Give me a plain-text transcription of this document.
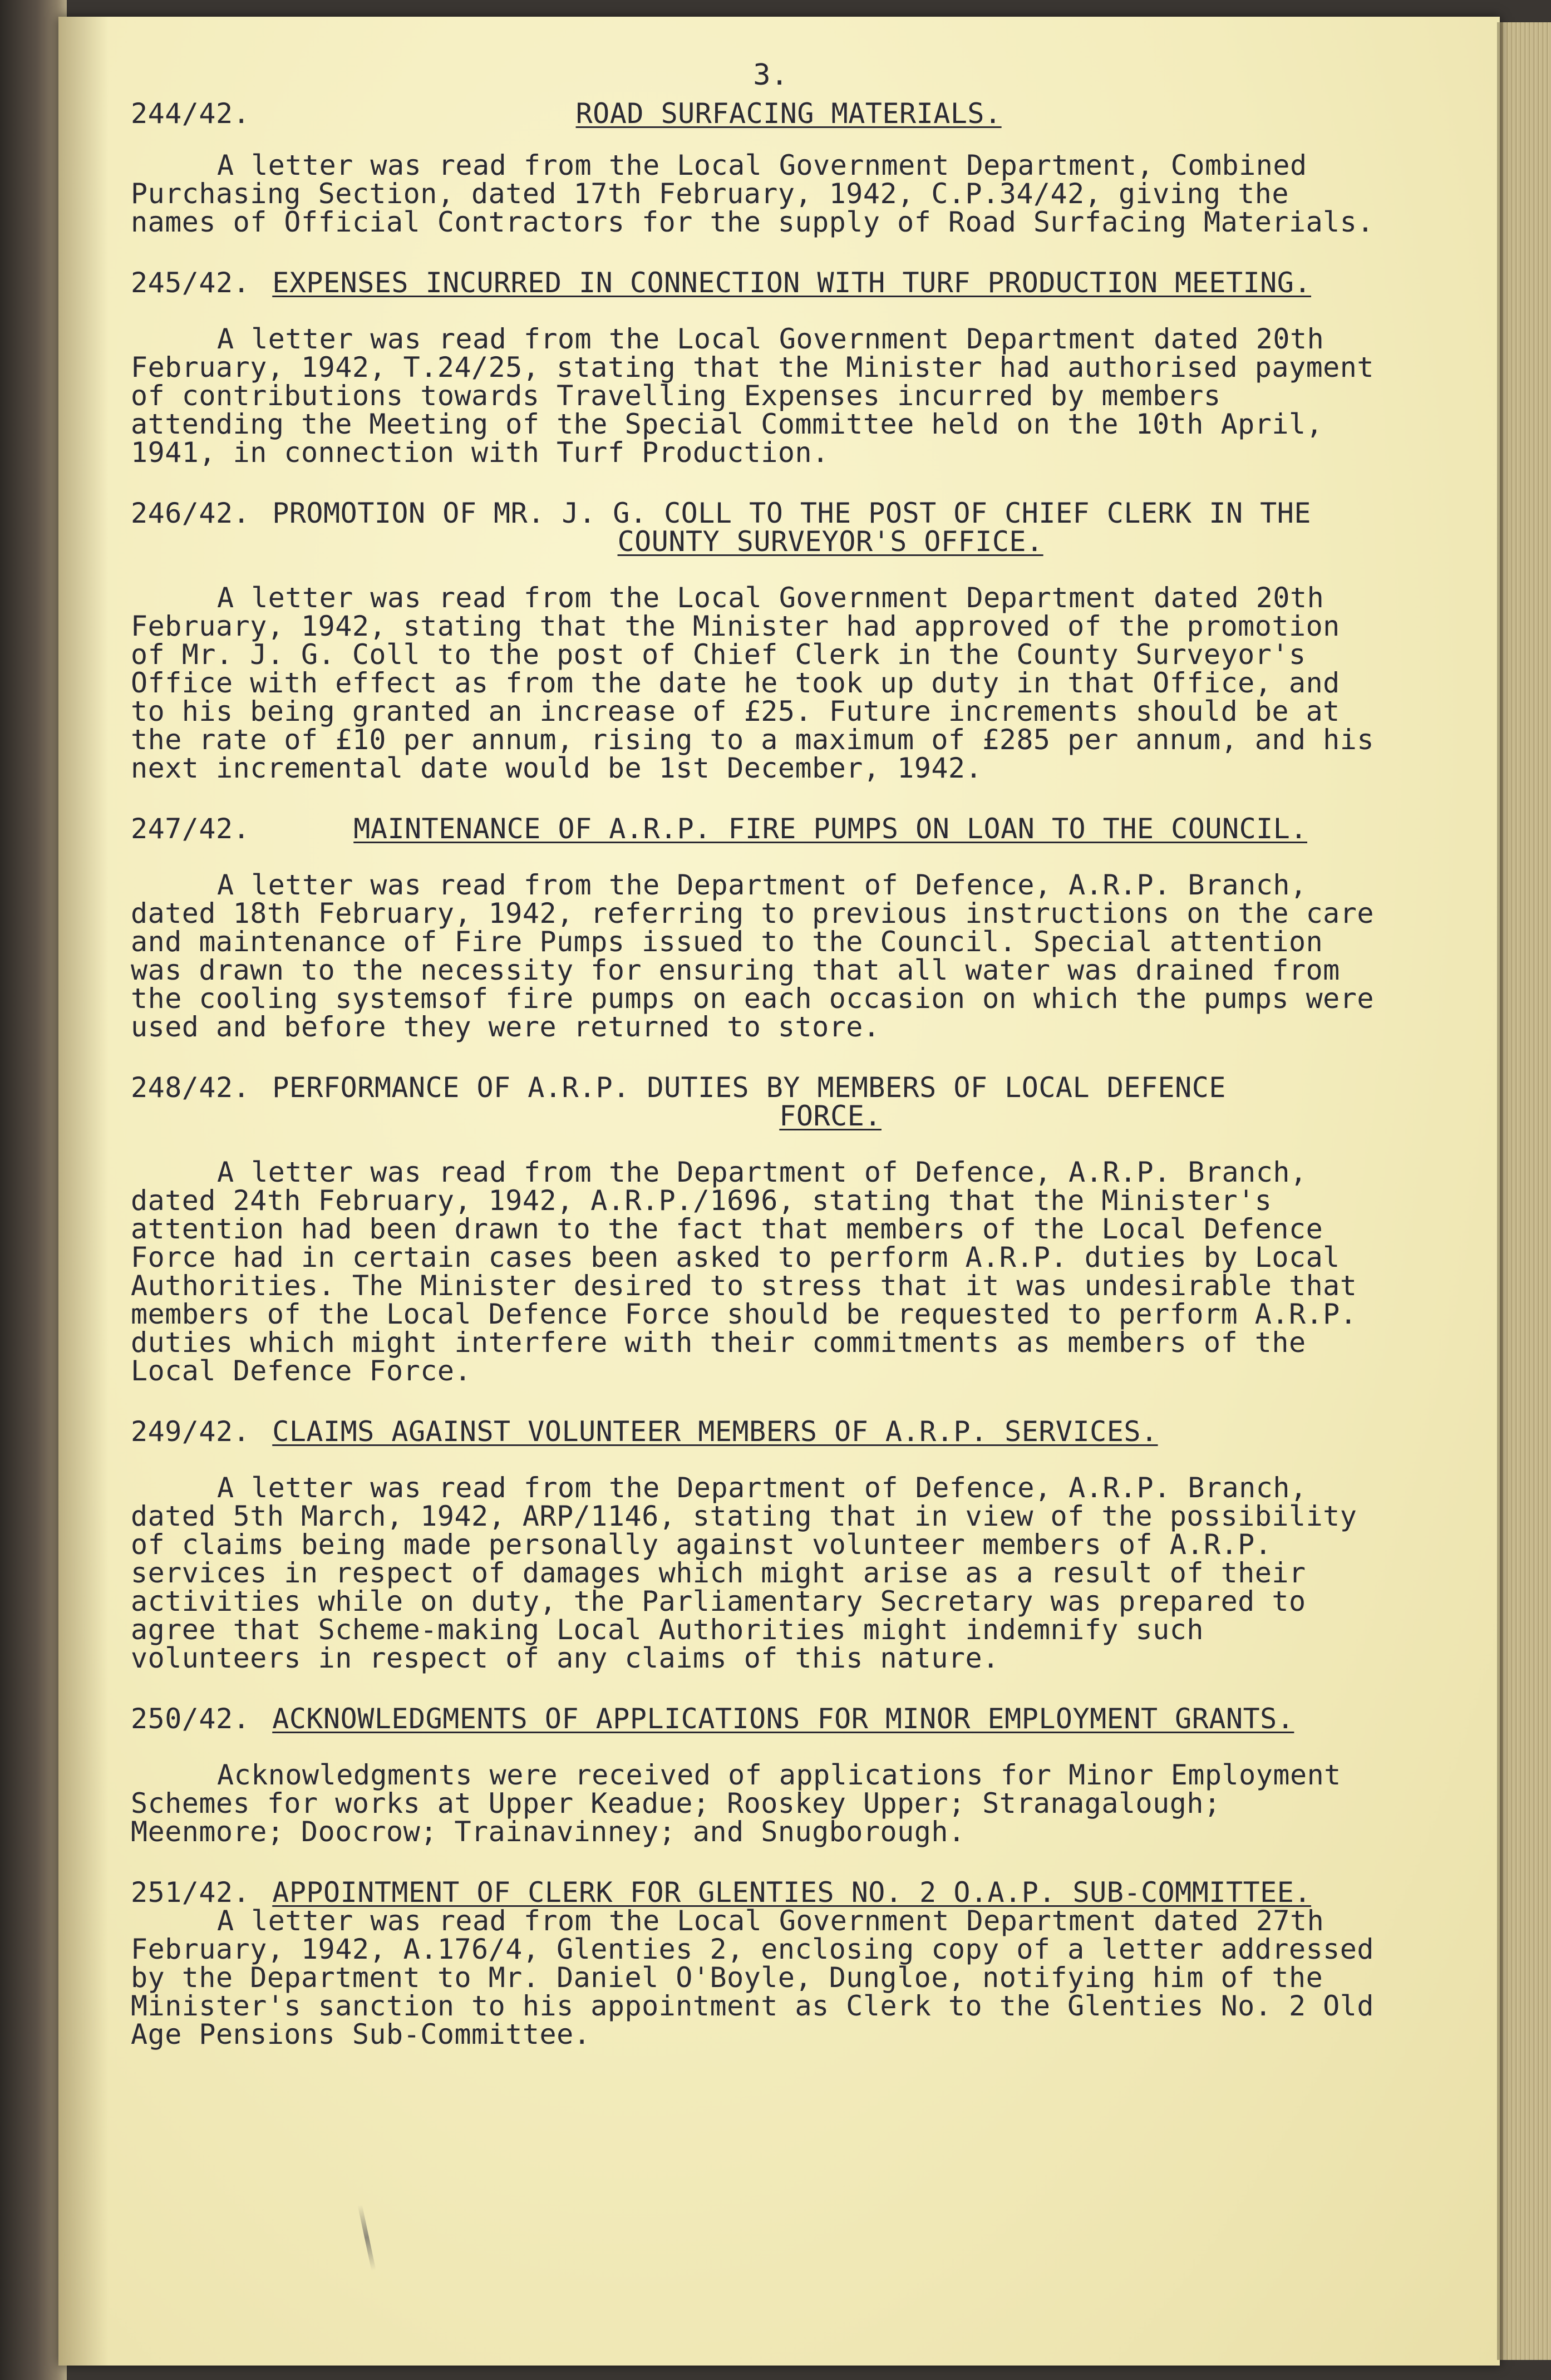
3.
244/42.	ROAD SURFACING MATERIALS.
A letter was read from the Local Government Department, Combined Purchasing Section, dated 17th February, 1942, C.P.34/42, giving the names of Official Contractors for the supply of Road Surfacing Materials.
245/42. EXPENSES INCURRED IN CONNECTION WITH TURF PRODUCTION MEETING.
A letter was read from the Local Government Department dated 20th February, 1942, T.24/25, stating that the Minister had authorised payment of contributions towards Travelling Expenses incurred by members attending the Meeting of the Special Committee held on the 10th April, 1941, in connection with Turf Production.
246/42. PROMOTION OF MR. J. G. COLL TO THE POST OF CHIEF CLERK IN THE
COUNTY SURVEYOR'S OFFICE.
A letter was read from the Local Government Department dated 20th February, 1942, stating that the Minister had approved of the promotion of Mr. J. G. Coll to the post of Chief Clerk in the County Surveyor's Office with effect as from the date he took up duty in that Office, and to his being granted an increase of £25. Future increments should be at the rate of £10 per annum, rising to a maximum of £285 per annum, and his next incremental date would be 1st December, 1942.
247/42.	MAINTENANCE OF A.R.P. FIRE PUMPS ON LOAN TO THE COUNCIL.
A letter was read from the Department of Defence, A.R.P. Branch, dated 18th February, 1942, referring to previous instructions on the care and maintenance of Fire Pumps issued to the Council. Special attention was drawn to the necessity for ensuring that all water was drained from the cooling systemsof fire pumps on each occasion on which the pumps were used and before they were returned to store.
248/42. PERFORMANCE OF A.R.P. DUTIES BY MEMBERS OF LOCAL DEFENCE
FORCE.
A letter was read from the Department of Defence, A.R.P. Branch, dated 24th February, 1942, A.R.P./1696, stating that the Minister's attention had been drawn to the fact that members of the Local Defence Force had in certain cases been asked to perform A.R.P. duties by Local Authorities. The Minister desired to stress that it was undesirable that members of the Local Defence Force should be requested to perform A.R.P. duties which might interfere with their commitments as members of the Local Defence Force.
249/42. CLAIMS AGAINST VOLUNTEER MEMBERS OF A.R.P. SERVICES.
A letter was read from the Department of Defence, A.R.P. Branch, dated 5th March, 1942, ARP/1146, stating that in view of the possibility of claims being made personally against volunteer members of A.R.P. services in respect of damages which might arise as a result of their activities while on duty, the Parliamentary Secretary was prepared to agree that Scheme-making Local Authorities might indemnify such volunteers in respect of any claims of this nature.
250/42. ACKNOWLEDGMENTS OF APPLICATIONS FOR MINOR EMPLOYMENT GRANTS.
Acknowledgments were received of applications for Minor Employment Schemes for works at Upper Keadue; Rooskey Upper; Stranagalough; Meenmore; Doocrow; Trainavinney; and Snugborough.
251/42. APPOINTMENT OF CLERK FOR GLENTIES NO. 2 O.A.P. SUB-COMMITTEE.
A letter was read from the Local Government Department dated 27th February, 1942, A.176/4, Glenties 2, enclosing copy of a letter addressed by the Department to Mr. Daniel O'Boyle, Dungloe, notifying him of the Minister's sanction to his appointment as Clerk to the Glenties No. 2 Old Age Pensions Sub-Committee.
